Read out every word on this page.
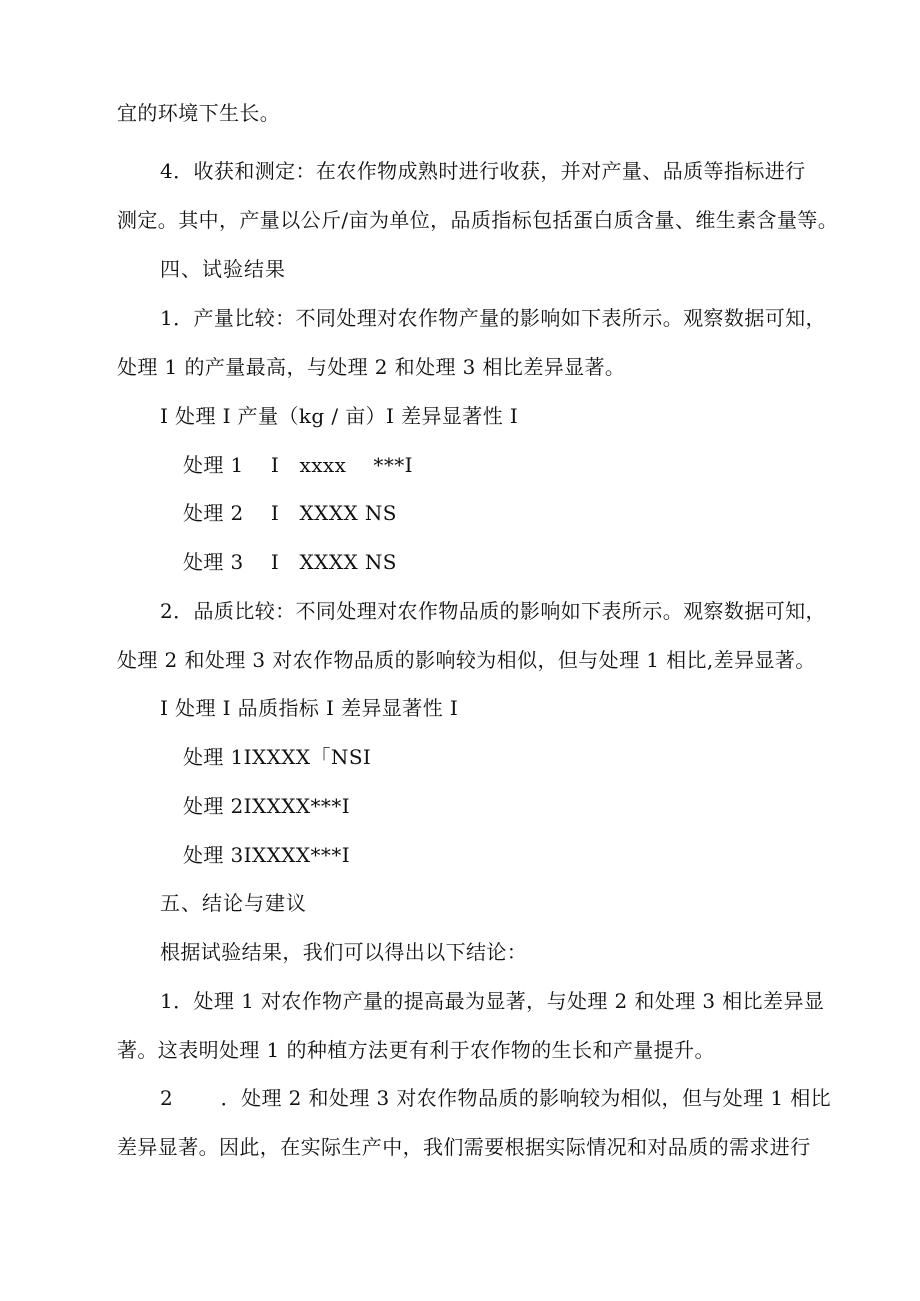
宜的环境下生长。
4．收获和测定：在农作物成熟时进行收获，并对产量、品质等指标进行
测定。其中，产量以公斤/亩为单位，品质指标包括蛋白质含量、维生素含量等。
四、试验结果
1．产量比较：不同处理对农作物产量的影响如下表所示。观察数据可知，
处理 1 的产量最高，与处理 2 和处理 3 相比差异显著。
I 处理 I 产量（kg / 亩）I 差异显著性 I
处理 1　 I　xxxx　 ***I
处理 2　 I　XXXX NS
处理 3　 I　XXXX NS
2．品质比较：不同处理对农作物品质的影响如下表所示。观察数据可知，
处理 2 和处理 3 对农作物品质的影响较为相似，但与处理 1 相比,差异显著。
I 处理 I 品质指标 I 差异显著性 I
处理 1IXXXX「NSI
处理 2IXXXX***I
处理 3IXXXX***I
五、结论与建议
根据试验结果，我们可以得出以下结论：
1．处理 1 对农作物产量的提高最为显著，与处理 2 和处理 3 相比差异显
著。这表明处理 1 的种植方法更有利于农作物的生长和产量提升。
2　　 ．处理 2 和处理 3 对农作物品质的影响较为相似，但与处理 1 相比
差异显著。因此，在实际生产中，我们需要根据实际情况和对品质的需求进行
